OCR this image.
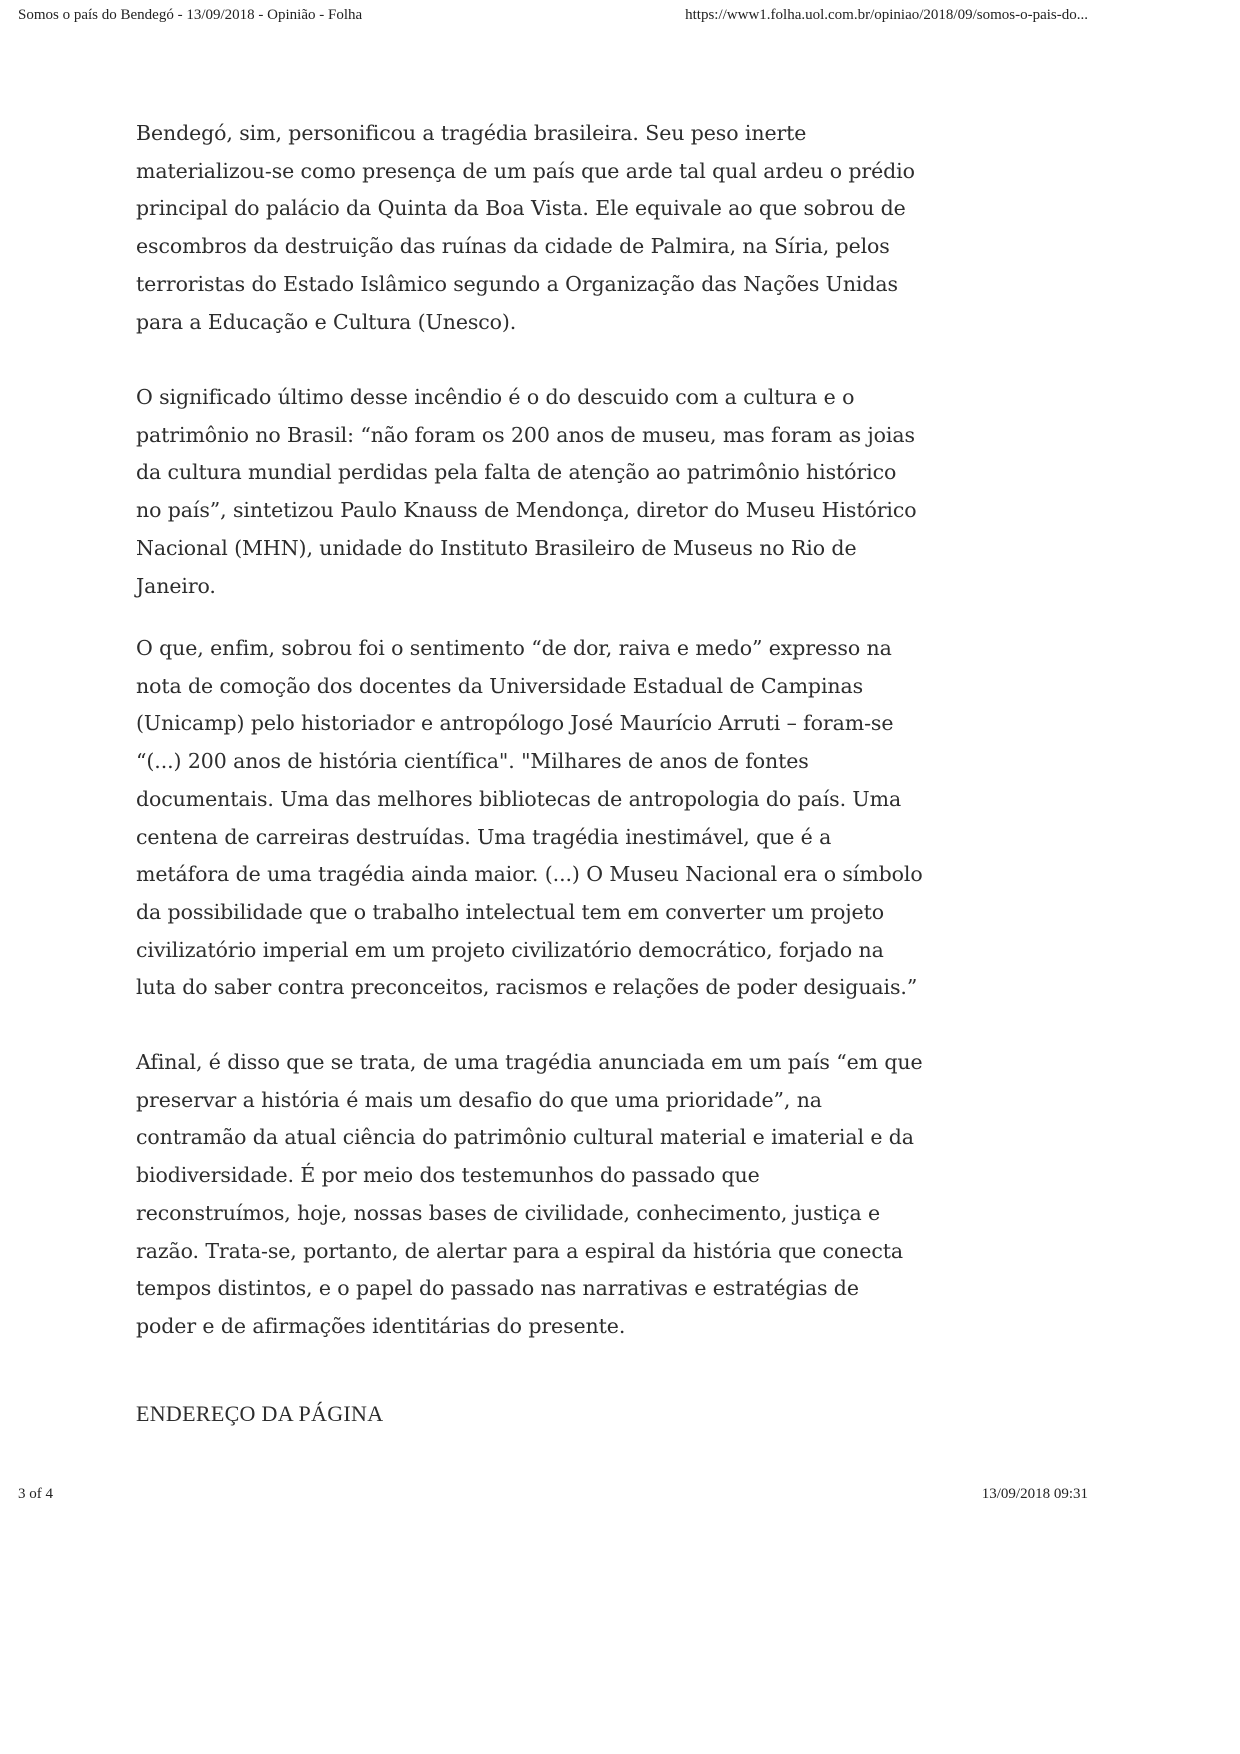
Somos o país do Bendegó - 13/09/2018 - Opinião - Folha	https://www1.folha.uol.com.br/opiniao/2018/09/somos-o-pais-do...

Bendegó, sim, personificou a tragédia brasileira. Seu peso inerte
materializou-se como presença de um país que arde tal qual ardeu o prédio
principal do palácio da Quinta da Boa Vista. Ele equivale ao que sobrou de
escombros da destruição das ruínas da cidade de Palmira, na Síria, pelos
terroristas do Estado Islâmico segundo a Organização das Nações Unidas
para a Educação e Cultura (Unesco).

O significado último desse incêndio é o do descuido com a cultura e o
patrimônio no Brasil: “não foram os 200 anos de museu, mas foram as joias
da cultura mundial perdidas pela falta de atenção ao patrimônio histórico
no país”, sintetizou Paulo Knauss de Mendonça, diretor do Museu Histórico
Nacional (MHN), unidade do Instituto Brasileiro de Museus no Rio de
Janeiro.

O que, enfim, sobrou foi o sentimento “de dor, raiva e medo” expresso na
nota de comoção dos docentes da Universidade Estadual de Campinas
(Unicamp) pelo historiador e antropólogo José Maurício Arruti – foram-se
“(...) 200 anos de história científica". "Milhares de anos de fontes
documentais. Uma das melhores bibliotecas de antropologia do país. Uma
centena de carreiras destruídas. Uma tragédia inestimável, que é a
metáfora de uma tragédia ainda maior. (...) O Museu Nacional era o símbolo
da possibilidade que o trabalho intelectual tem em converter um projeto
civilizatório imperial em um projeto civilizatório democrático, forjado na
luta do saber contra preconceitos, racismos e relações de poder desiguais.”

Afinal, é disso que se trata, de uma tragédia anunciada em um país “em que
preservar a história é mais um desafio do que uma prioridade”, na
contramão da atual ciência do patrimônio cultural material e imaterial e da
biodiversidade. É por meio dos testemunhos do passado que
reconstruímos, hoje, nossas bases de civilidade, conhecimento, justiça e
razão. Trata-se, portanto, de alertar para a espiral da história que conecta
tempos distintos, e o papel do passado nas narrativas e estratégias de
poder e de afirmações identitárias do presente.

ENDEREÇO DA PÁGINA
3 of 4	13/09/2018 09:31
